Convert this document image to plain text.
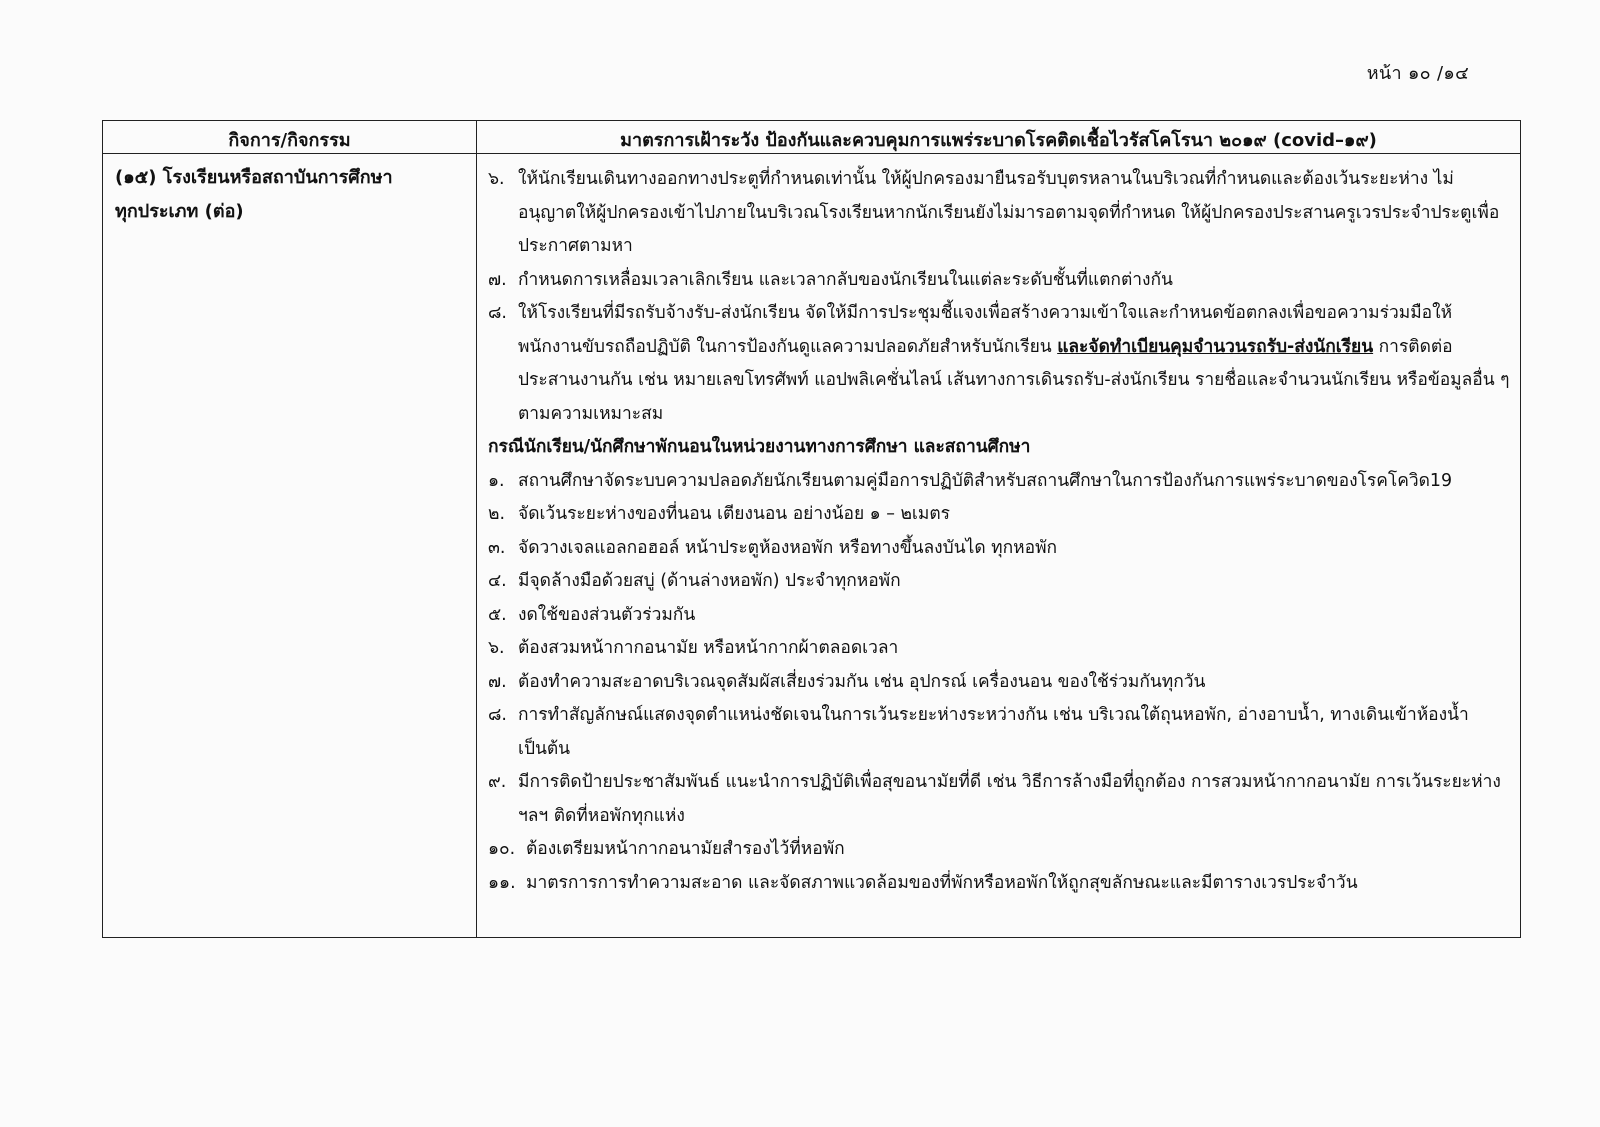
หน้า ๑๐ /๑๔
กิจการ/กิจกรรม	มาตรการเฝ้าระวัง ป้องกันและควบคุมการแพร่ระบาดโรคติดเชื้อไวรัสโคโรนา ๒๐๑๙ (covid–๑๙)
(๑๕) โรงเรียนหรือสถาบันการศึกษา
ทุกประเภท (ต่อ)
๖. ให้นักเรียนเดินทางออกทางประตูที่กำหนดเท่านั้น ให้ผู้ปกครองมายืนรอรับบุตรหลานในบริเวณที่กำหนดและต้องเว้นระยะห่าง ไม่อนุญาตให้ผู้ปกครองเข้าไปภายในบริเวณโรงเรียนหากนักเรียนยังไม่มารอตามจุดที่กำหนด ให้ผู้ปกครองประสานครูเวรประจำประตูเพื่อประกาศตามหา
๗. กำหนดการเหลื่อมเวลาเลิกเรียน และเวลากลับของนักเรียนในแต่ละระดับชั้นที่แตกต่างกัน
๘. ให้โรงเรียนที่มีรถรับจ้างรับ-ส่งนักเรียน จัดให้มีการประชุมชี้แจงเพื่อสร้างความเข้าใจและกำหนดข้อตกลงเพื่อขอความร่วมมือให้พนักงานขับรถถือปฏิบัติ ในการป้องกันดูแลความปลอดภัยสำหรับนักเรียน และจัดทำเบียนคุมจำนวนรถรับ-ส่งนักเรียน การติดต่อประสานงานกัน เช่น หมายเลขโทรศัพท์ แอปพลิเคชั่นไลน์ เส้นทางการเดินรถรับ-ส่งนักเรียน รายชื่อและจำนวนนักเรียน หรือข้อมูลอื่น ๆ ตามความเหมาะสม
กรณีนักเรียน/นักศึกษาพักนอนในหน่วยงานทางการศึกษา และสถานศึกษา
๑. สถานศึกษาจัดระบบความปลอดภัยนักเรียนตามคู่มือการปฏิบัติสำหรับสถานศึกษาในการป้องกันการแพร่ระบาดของโรคโควิด19
๒. จัดเว้นระยะห่างของที่นอน เตียงนอน อย่างน้อย ๑ – ๒เมตร
๓. จัดวางเจลแอลกอฮอล์ หน้าประตูห้องหอพัก หรือทางขึ้นลงบันได ทุกหอพัก
๔. มีจุดล้างมือด้วยสบู่ (ด้านล่างหอพัก) ประจำทุกหอพัก
๕. งดใช้ของส่วนตัวร่วมกัน
๖. ต้องสวมหน้ากากอนามัย หรือหน้ากากผ้าตลอดเวลา
๗. ต้องทำความสะอาดบริเวณจุดสัมผัสเสี่ยงร่วมกัน เช่น อุปกรณ์ เครื่องนอน ของใช้ร่วมกันทุกวัน
๘. การทำสัญลักษณ์แสดงจุดตำแหน่งชัดเจนในการเว้นระยะห่างระหว่างกัน เช่น บริเวณใต้ถุนหอพัก, อ่างอาบน้ำ, ทางเดินเข้าห้องน้ำ เป็นต้น
๙. มีการติดป้ายประชาสัมพันธ์ แนะนำการปฏิบัติเพื่อสุขอนามัยที่ดี เช่น วิธีการล้างมือที่ถูกต้อง การสวมหน้ากากอนามัย การเว้นระยะห่าง ฯลฯ ติดที่หอพักทุกแห่ง
๑๐. ต้องเตรียมหน้ากากอนามัยสำรองไว้ที่หอพัก
๑๑. มาตรการการทำความสะอาด และจัดสภาพแวดล้อมของที่พักหรือหอพักให้ถูกสุขลักษณะและมีตารางเวรประจำวัน
